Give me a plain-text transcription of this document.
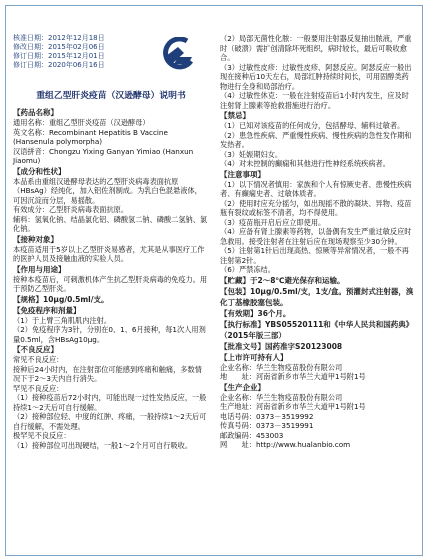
核准日期：2012年12月18日

修改日期：2015年02月06日

修订日期：2015年12月01日

修订日期：2020年06月16日

重组乙型肝炎疫苗（汉逊酵母）说明书

【药品名称】

通用名称：重组乙型肝炎疫苗（汉逊酵母）

英文名称：Recombinant Hepatitis B Vaccine (Hansenula polymorpha)

汉语拼音：Chongzu Yixing Ganyan Yimiao (Hanxun Jiaomu)

【成分和性状】

本品系由重组汉逊酵母表达的乙型肝炎病毒表面抗原（HBsAg）经纯化，加入铝佐剂制成。为乳白色混悬液体，可因沉淀而分层，易摇散。

有效成分：乙型肝炎病毒表面抗原。

辅料：氢氧化钠、结晶氯化铝、磷酸氢二钠、磷酸二氢钠、氯化钠。

【接种对象】

本疫苗适用于5岁以上乙型肝炎易感者，尤其是从事医疗工作的医护人员及接触血液的实验人员。

【作用与用途】

接种本疫苗后，可刺激机体产生抗乙型肝炎病毒的免疫力。用于预防乙型肝炎。

【规格】10μg/0.5ml/支。

【免疫程序和剂量】

（1）于上臂三角肌肌内注射。

（2）免疫程序为3针，分别在0、1、6月接种，每1次人用剂量0.5ml，含HBsAg10μg。

【不良反应】

常见不良反应：

接种后24小时内，在注射部位可能感到疼痛和触痛，多数情况下于2～3天内自行消失。

罕见不良反应：

（1）接种疫苗后72小时内，可能出现一过性发热反应，一般持续1～2天后可自行缓解。

（2）接种部位轻、中度的红肿、疼痛，一般持续1～2天后可自行缓解，不需处理。

极罕见不良反应：

（1）接种部位可出现硬结，一般1～2个月可自行吸收。

（2）局部无菌性化脓：一般要用注射器反复抽出脓液，严重时（破溃）需扩创清除坏死组织，病时较长，最后可吸收愈合。

（3）过敏性皮疹：过敏性皮疹、阿瑟反应。阿瑟反应一般出现在接种后10天左右，局部红肿持续时间长，可用固醇类药物进行全身和局部治疗。

（4）过敏性休克：一般在注射疫苗后1小时内发生，应及时注射肾上腺素等抢救措施进行治疗。

【禁忌】

（1）已知对该疫苗的任何成分，包括酵母、辅料过敏者。

（2）患急性疾病、严重慢性疾病、慢性疾病的急性发作期和发热者。

（3）妊娠期妇女。

（4）对未控制的癫痫和其他进行性神经系统疾病者。

【注意事项】

（1）以下情况者慎用：家族和个人有惊厥史者、患慢性疾病者、有癫痫史者、过敏体质者。

（2）使用时应充分摇匀，如出现摇不散的凝块、异物、疫苗瓶有裂纹或标签不清者，均不得使用。

（3）疫苗瓶开启后应立即使用。

（4）应备有肾上腺素等药物，以备偶有发生严重过敏反应时急救用。接受注射者在注射后应在现场观察至少30分钟。

（5）注射第1针后出现高热、惊厥等异常情况者，一般不再注射第2针。

（6）严禁冻结。

【贮藏】于2～8℃避光保存和运输。

【包装】10μg/0.5ml/支，1支/盒。预灌封式注射器，溴化丁基橡胶塞包装。

【有效期】36个月。

【执行标准】YBS05520111和《中华人民共和国药典》（2015年版三部）

【批准文号】国药准字S20123008

【上市许可持有人】

企业名称：华兰生物疫苗股份有限公司

地　　址：河南省新乡市华兰大道甲1号附1号

【生产企业】

企业名称：华兰生物疫苗股份有限公司

生产地址：河南省新乡市华兰大道甲1号附1号

电话号码：0373－3519992

传真号码：0373－3519991

邮政编码：453003

网　　址：http://www.hualanbio.com
